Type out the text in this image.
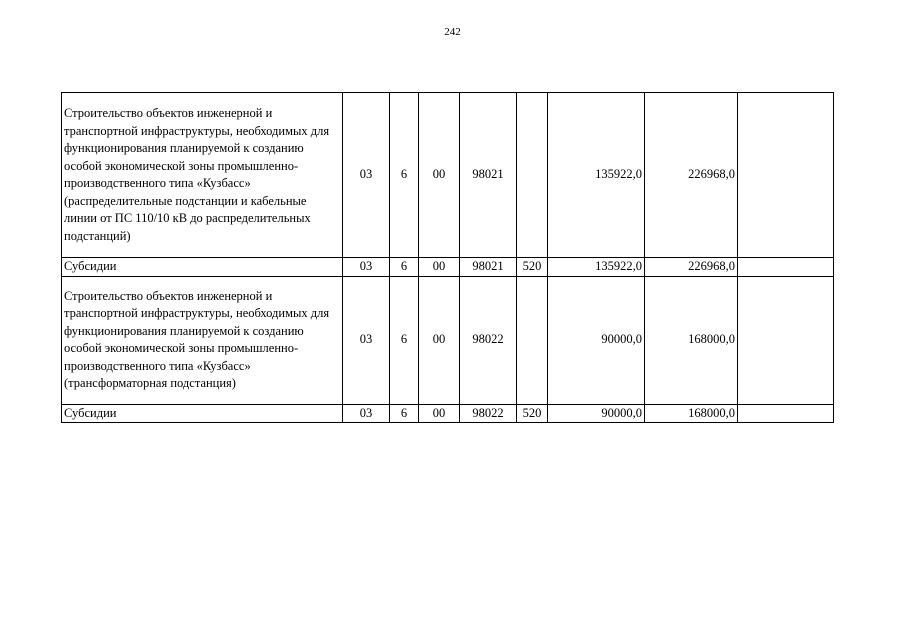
242
Строительство объектов инженерной и транспортной инфраструктуры, необходимых для функционирования планируемой к созданию особой экономической зоны промышленно-производственного типа «Кузбасс» (распределительные подстанции и кабельные линии от ПС 110/10 кВ до распределительных подстанций)	03	6	00	98021		135922,0	226968,0	
Субсидии	03	6	00	98021	520	135922,0	226968,0	
Строительство объектов инженерной и транспортной инфраструктуры, необходимых для функционирования планируемой к созданию особой экономической зоны промышленно-производственного типа «Кузбасс» (трансформаторная подстанция)	03	6	00	98022		90000,0	168000,0	
Субсидии	03	6	00	98022	520	90000,0	168000,0	
